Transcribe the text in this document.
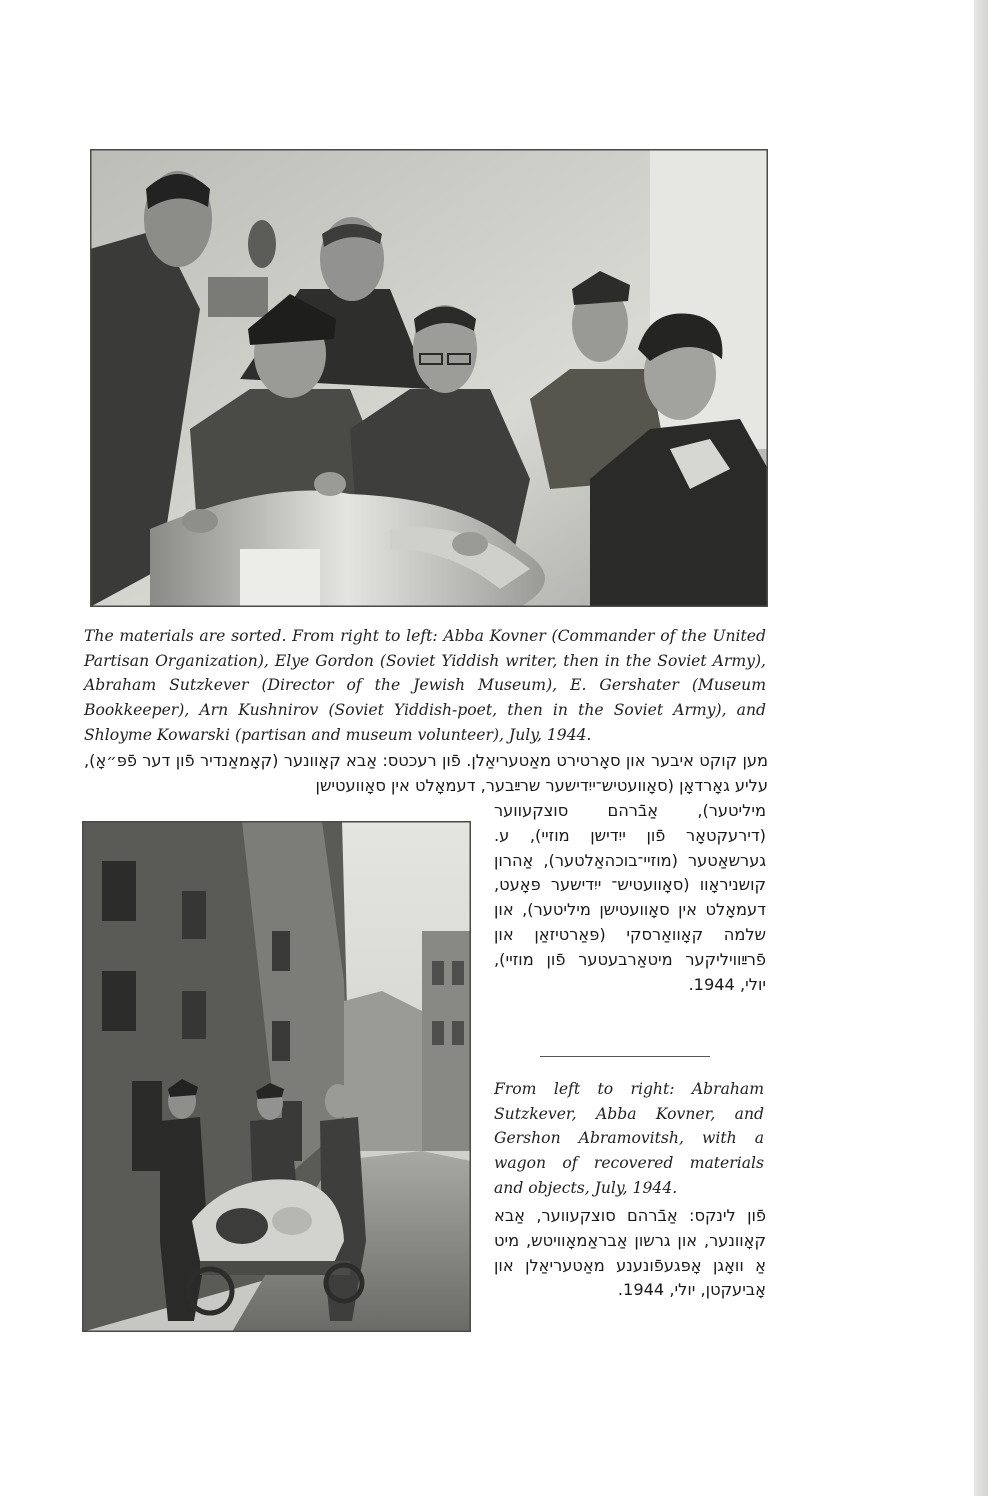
The materials are sorted. From right to left: Abba Kovner (Commander of the United Partisan Organization), Elye Gordon (Soviet Yiddish writer, then in the Soviet Army), Abraham Sutzkever (Director of the Jewish Museum), E. Gershater (Museum Bookkeeper), Arn Kushnirov (Soviet Yiddish-poet, then in the Soviet Army), and Shloyme Kowarski (partisan and museum volunteer), July, 1944.

מען קוקט איבער און סאָרטירט מאַטעריאַלן. פֿון רעכטס: אַבא קאָוונער (קאָמאַנדיר פֿון דער פֿפּ״אָ), עליע גאָרדאָן (סאָוועטיש־ייִדישער שרײַבער, דעמאָלט אין סאָוועטישן

מיליטער), אַבֿרהם סוצקעווער (דירעקטאָר פֿון ייִדישן מוזיי), ע. גערשאַטער (מוזיי־בוכהאַלטער), אַהרון קושניראָוו (סאָוועטיש־ ייִדישער פּאָעט, דעמאָלט אין סאָוועטישן מיליטער), און שלמה קאָוואַרסקי (פּאַרטיזאַן און פֿרײַוויליקער מיטאַרבעטער פֿון מוזיי), יולי, 1944.

From left to right: Abraham Sutzkever, Abba Kovner, and Gershon Abramovitsh, with a wagon of recovered materials and objects, July, 1944.

פֿון לינקס: אַבֿרהם סוצקעווער, אַבא קאָוונער, און גרשון אַבראַמאָוויטש, מיט אַ וואָגן אָפּגעפֿונענע מאַטעריאַלן און אָביעקטן, יולי, 1944.
